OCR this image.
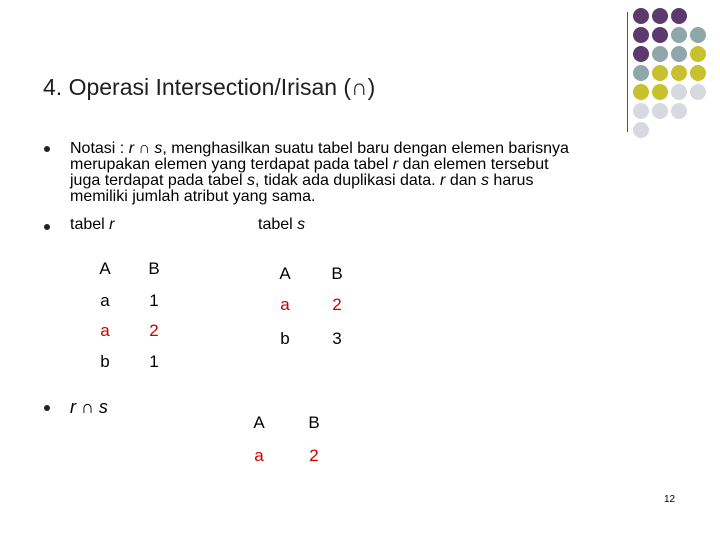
4. Operasi Intersection/Irisan (∩)
Notasi : r ∩ s, menghasilkan suatu tabel baru dengan elemen barisnya
merupakan elemen yang terdapat pada tabel r dan elemen tersebut
juga terdapat pada tabel s, tidak ada duplikasi data. r dan s harus
memiliki jumlah atribut yang sama.
tabel r	tabel s
A	B
a	1
a	2
b	1
A	B
a	2
b	3
r ∩ s
A	B
a	2
12
